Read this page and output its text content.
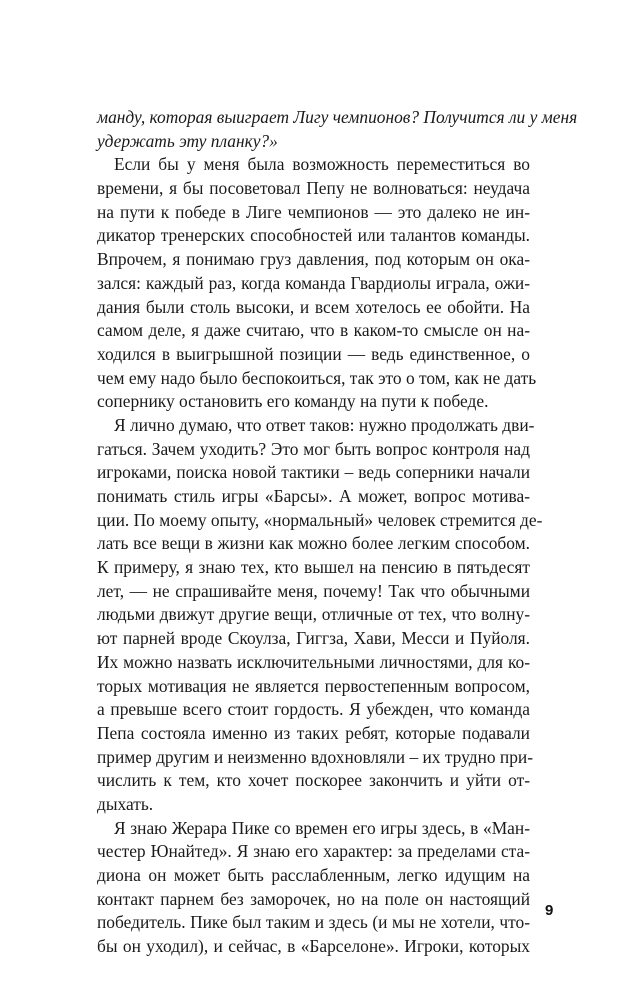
манду, которая выиграет Лигу чемпионов? Получится ли у меня
удержать эту планку?»
Если бы у меня была возможность переместиться во
времени, я бы посоветовал Пепу не волноваться: неудача
на пути к победе в Лиге чемпионов — это далеко не ин-
дикатор тренерских способностей или талантов команды.
Впрочем, я понимаю груз давления, под которым он ока-
зался: каждый раз, когда команда Гвардиолы играла, ожи-
дания были столь высоки, и всем хотелось ее обойти. На
самом деле, я даже считаю, что в каком-то смысле он на-
ходился в выигрышной позиции — ведь единственное, о
чем ему надо было беспокоиться, так это о том, как не дать
сопернику остановить его команду на пути к победе.
Я лично думаю, что ответ таков: нужно продолжать дви-
гаться. Зачем уходить? Это мог быть вопрос контроля над
игроками, поиска новой тактики – ведь соперники начали
понимать стиль игры «Барсы». А может, вопрос мотива-
ции. По моему опыту, «нормальный» человек стремится де-
лать все вещи в жизни как можно более легким способом.
К примеру, я знаю тех, кто вышел на пенсию в пятьдесят
лет, — не спрашивайте меня, почему! Так что обычными
людьми движут другие вещи, отличные от тех, что волну-
ют парней вроде Скоулза, Гиггза, Хави, Месси и Пуйоля.
Их можно назвать исключительными личностями, для ко-
торых мотивация не является первостепенным вопросом,
а превыше всего стоит гордость. Я убежден, что команда
Пепа состояла именно из таких ребят, которые подавали
пример другим и неизменно вдохновляли – их трудно при-
числить к тем, кто хочет поскорее закончить и уйти от-
дыхать.
Я знаю Жерара Пике со времен его игры здесь, в «Ман-
честер Юнайтед». Я знаю его характер: за пределами ста-
диона он может быть расслабленным, легко идущим на
контакт парнем без заморочек, но на поле он настоящий
победитель. Пике был таким и здесь (и мы не хотели, что-
бы он уходил), и сейчас, в «Барселоне». Игроки, которых
9
